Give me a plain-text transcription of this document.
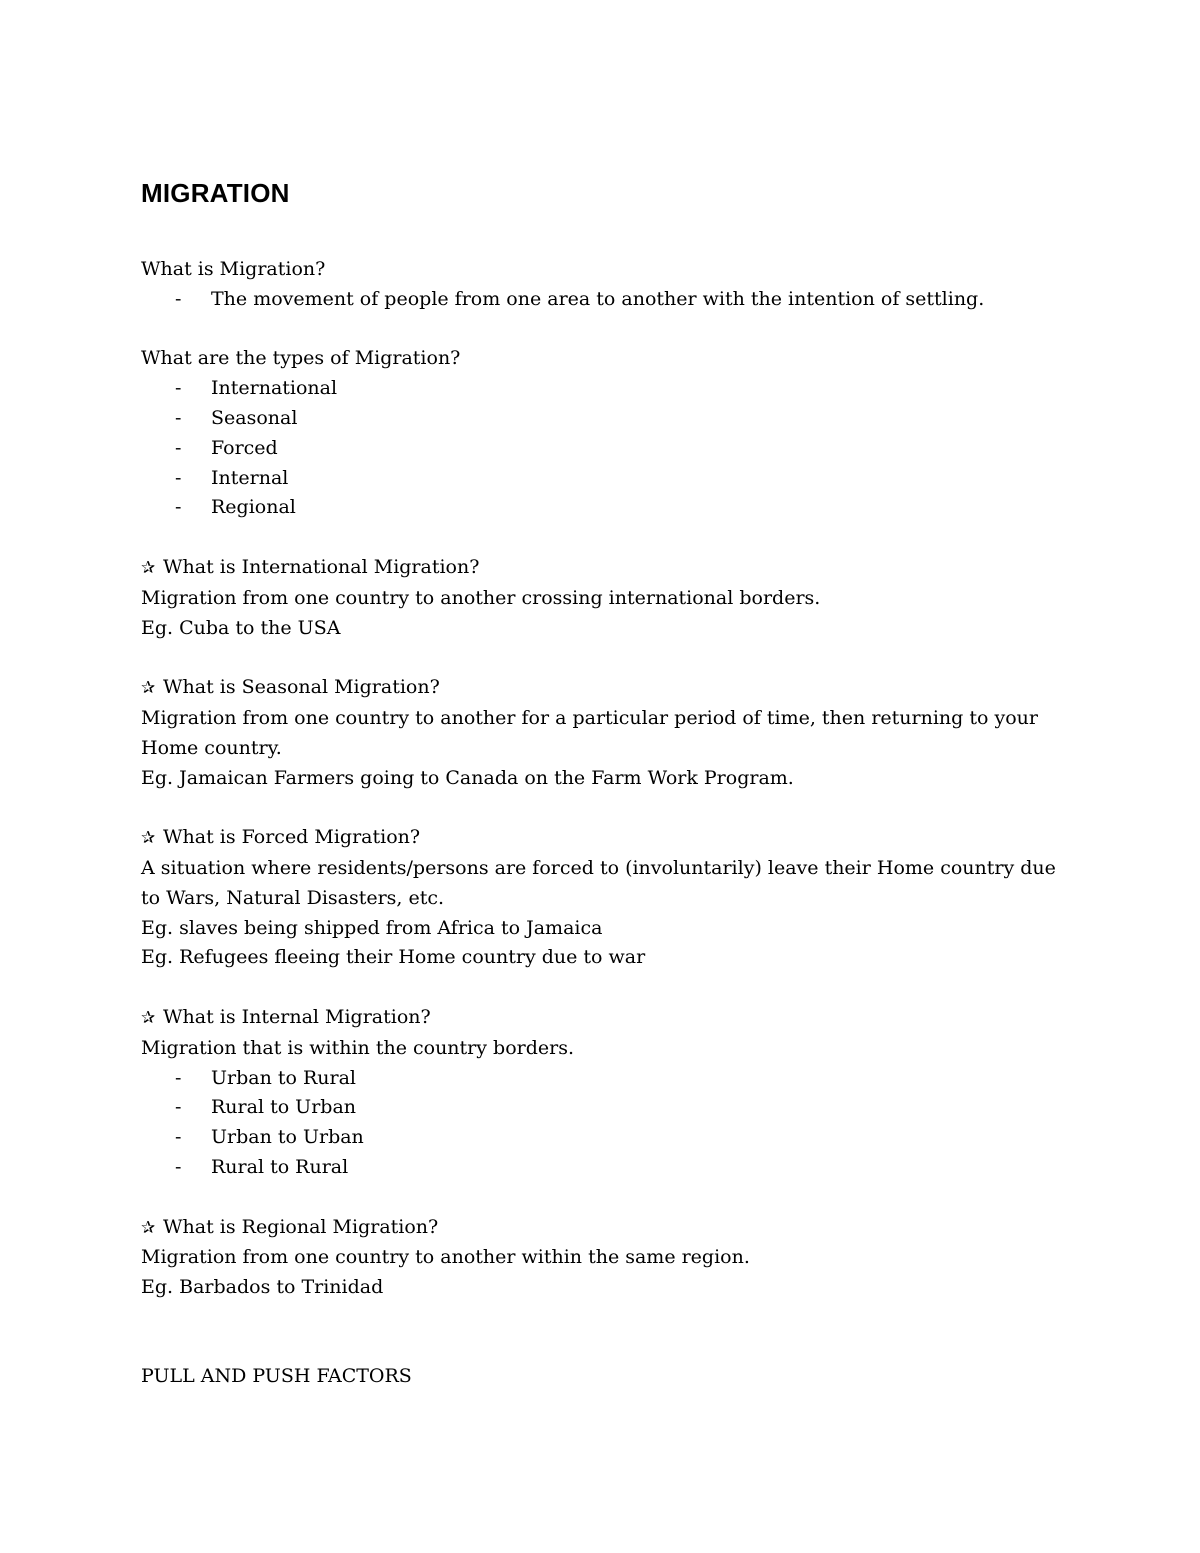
MIGRATION
What is Migration?
- The movement of people from one area to another with the intention of settling.
What are the types of Migration?
- International
- Seasonal
- Forced
- Internal
- Regional
✰ What is International Migration?
Migration from one country to another crossing international borders.
Eg. Cuba to the USA
✰ What is Seasonal Migration?
Migration from one country to another for a particular period of time, then returning to your Home country.
Eg. Jamaican Farmers going to Canada on the Farm Work Program.
✰ What is Forced Migration?
A situation where residents/persons are forced to (involuntarily) leave their Home country due to Wars, Natural Disasters, etc.
Eg. slaves being shipped from Africa to Jamaica
Eg. Refugees fleeing their Home country due to war
✰ What is Internal Migration?
Migration that is within the country borders.
- Urban to Rural
- Rural to Urban
- Urban to Urban
- Rural to Rural
✰ What is Regional Migration?
Migration from one country to another within the same region.
Eg. Barbados to Trinidad
PULL AND PUSH FACTORS
